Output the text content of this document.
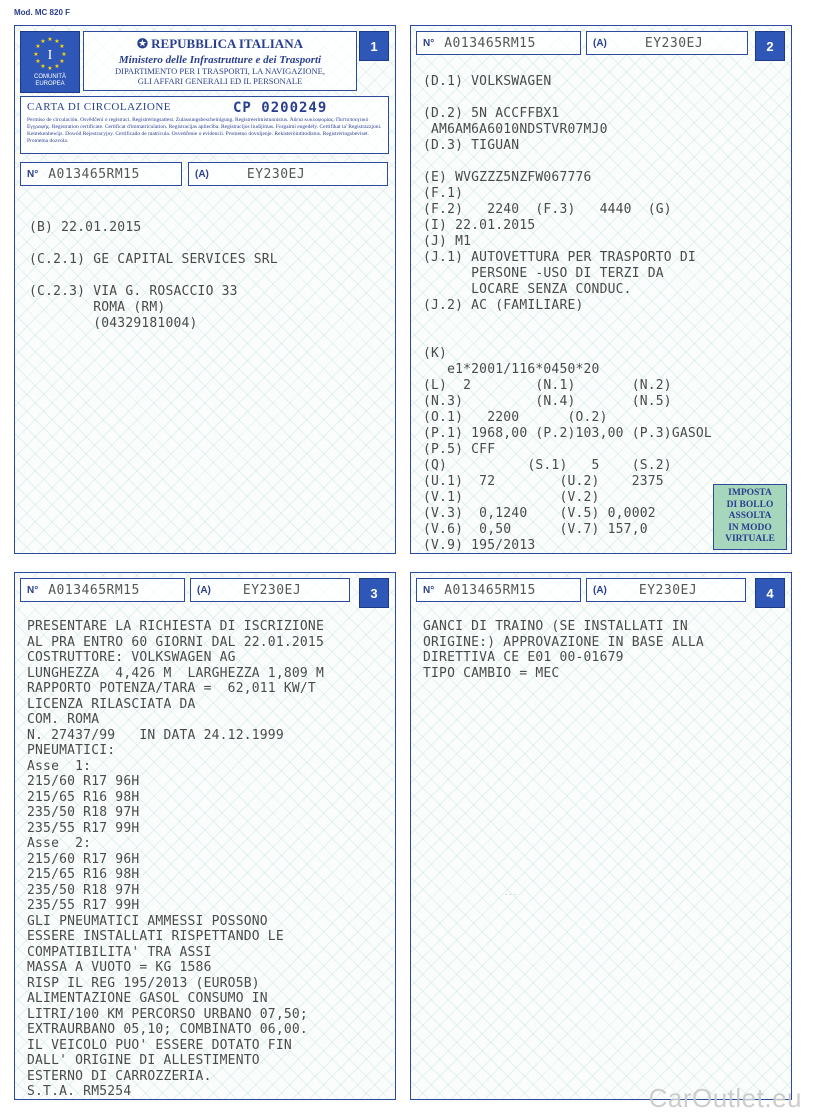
Mod. MC 820 F
★ ★
★
★
★
★
★
★
★
★
★
★
I
COMUNITÀ EUROPEA
✪ REPUBBLICA ITALIANA
Ministero delle Infrastrutture e dei Trasporti
DIPARTIMENTO PER I TRASPORTI, LA NAVIGAZIONE,
GLI AFFARI GENERALI ED IL PERSONALE
1
CARTA DI CIRCOLAZIONE	CP 0200249
Permiso de circulación. Osvědčení o registraci. Registreringsattest. Zulassungsbescheinigung. Registreerimistunnistus. Άδεια κυκλοφορίας. Πιστοποιητικό Εγγραφής. Registration certificate. Certificat d'immatriculation. Registracijas apliecība. Registracijos liudijimas. Forgalmi engedély. Certifikat ta' Registrazzjoni. Kentekenbewijs. Dowód Rejestracyjny. Certificado de matrícula. Osvedčenie o evidencii. Prometno dovoljenje. Rekisteröintitodistus. Registreringsbeviset. Prometna dozvola.
N° A013465RM15	(A)	EY230EJ
(B) 22.01.2015

(C.2.1) GE CAPITAL SERVICES SRL

(C.2.3) VIA G. ROSACCIO 33
ROMA (RM)
(04329181004)
N° A013465RM15	(A)	EY230EJ	2
(D.1) VOLKSWAGEN

(D.2) 5N ACCFFBX1
AM6AM6A6010NDSTVR07MJ0
(D.3) TIGUAN

(E) WVGZZZ5NZFW067776
(F.1)
(F.2)   2240  (F.3)   4440  (G)
(I) 22.01.2015
(J) M1
(J.1) AUTOVETTURA PER TRASPORTO DI
PERSONE -USO DI TERZI DA
LOCARE SENZA CONDUC.
(J.2) AC (FAMILIARE)

(K)
e1*2001/116*0450*20
(L)  2        (N.1)       (N.2)
(N.3)         (N.4)       (N.5)
(O.1)   2200      (O.2)
(P.1) 1968,00 (P.2)103,00 (P.3)GASOL
(P.5) CFF
(Q)          (S.1)   5    (S.2)
(U.1)  72        (U.2)    2375
(V.1)            (V.2)
(V.3)  0,1240    (V.5) 0,0002
(V.6)  0,50      (V.7) 157,0
(V.9) 195/2013
IMPOSTA
DI BOLLO
ASSOLTA
IN MODO
VIRTUALE
N° A013465RM15	(A) EY230EJ	3
PRESENTARE LA RICHIESTA DI ISCRIZIONE
AL PRA ENTRO 60 GIORNI DAL 22.01.2015
COSTRUTTORE: VOLKSWAGEN AG
LUNGHEZZA  4,426 M  LARGHEZZA 1,809 M
RAPPORTO POTENZA/TARA =  62,011 KW/T
LICENZA RILASCIATA DA
COM. ROMA
N. 27437/99   IN DATA 24.12.1999
PNEUMATICI:
Asse  1:
215/60 R17 96H
215/65 R16 98H
235/50 R18 97H
235/55 R17 99H
Asse  2:
215/60 R17 96H
215/65 R16 98H
235/50 R18 97H
235/55 R17 99H
GLI PNEUMATICI AMMESSI POSSONO
ESSERE INSTALLATI RISPETTANDO LE
COMPATIBILITA' TRA ASSI
MASSA A VUOTO = KG 1586
RISP IL REG 195/2013 (EURO5B)
ALIMENTAZIONE GASOL CONSUMO IN
LITRI/100 KM PERCORSO URBANO 07,50;
EXTRAURBANO 05,10; COMBINATO 06,00.
IL VEICOLO PUO' ESSERE DOTATO FIN
DALL' ORIGINE DI ALLESTIMENTO
ESTERNO DI CARROZZERIA.
S.T.A. RM5254
N° A013465RM15	(A) EY230EJ	4
GANCI DI TRAINO (SE INSTALLATI IN
ORIGINE:) APPROVAZIONE IN BASE ALLA
DIRETTIVA CE E01 00-01679
TIPO CAMBIO = MEC
. . .
CarOutlet.eu
